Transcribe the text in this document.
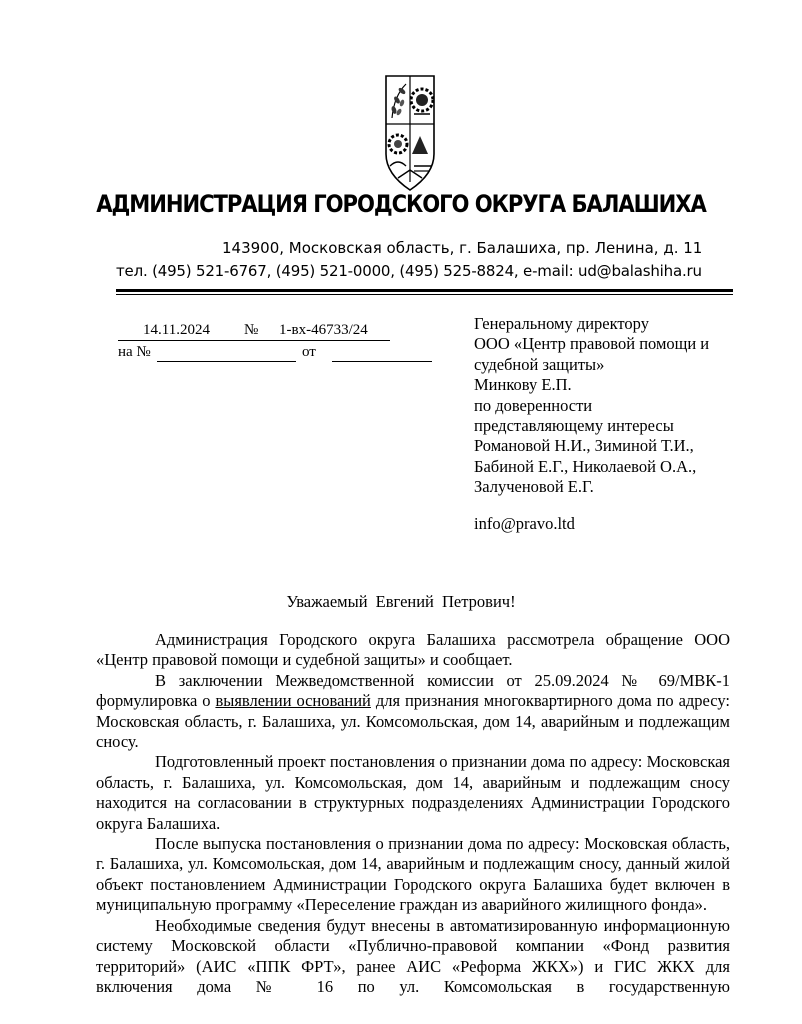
АДМИНИСТРАЦИЯ ГОРОДСКОГО ОКРУГА БАЛАШИХА
143900, Московская область, г. Балашиха, пр. Ленина, д. 11
тел. (495) 521-6767, (495) 521-0000, (495) 525-8824, e-mail: ud@balashiha.ru
14.11.2024 № 1-вх-46733/24
на №	от
Генеральному директору
ООО «Центр правовой помощи и
судебной защиты»
Минкову Е.П.
по доверенности
представляющему интересы
Романовой Н.И., Зиминой Т.И.,
Бабиной Е.Г., Николаевой О.А.,
Залученовой Е.Г.
info@pravo.ltd
Уважаемый Евгений Петрович!

Администрация Городского округа Балашиха рассмотрела обращение ООО «Центр правовой помощи и судебной защиты» и сообщает.

В заключении Межведомственной комиссии от 25.09.2024 № 69/МВК-1 формулировка о выявлении оснований для признания многоквартирного дома по адресу: Московская область, г. Балашиха, ул. Комсомольская, дом 14, аварийным и подлежащим сносу.

Подготовленный проект постановления о признании дома по адресу: Московская область, г. Балашиха, ул. Комсомольская, дом 14, аварийным и подлежащим сносу находится на согласовании в структурных подразделениях Администрации Городского округа Балашиха.

После выпуска постановления о признании дома по адресу: Московская область, г. Балашиха, ул. Комсомольская, дом 14, аварийным и подлежащим сносу, данный жилой объект постановлением Администрации Городского округа Балашиха будет включен в муниципальную программу «Переселение граждан из аварийного жилищного фонда».

Необходимые сведения будут внесены в автоматизированную информационную систему Московской области «Публично-правовой компании «Фонд развития территорий» (АИС «ППК ФРТ», ранее АИС «Реформа ЖКХ») и ГИС ЖКХ для включения дома № 16 по ул. Комсомольская в государственную
